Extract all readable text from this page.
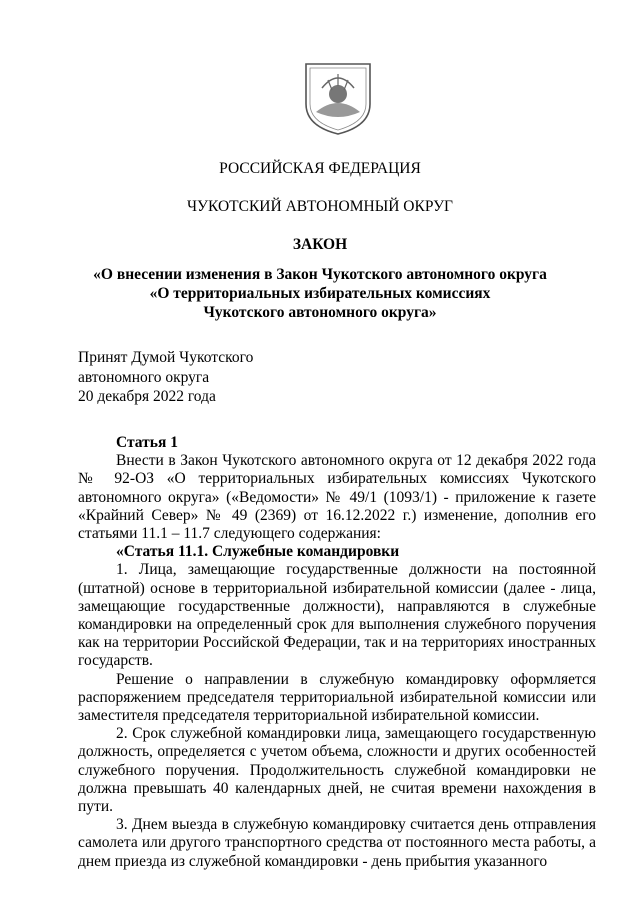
РОССИЙСКАЯ ФЕДЕРАЦИЯ
ЧУКОТСКИЙ АВТОНОМНЫЙ ОКРУГ
ЗАКОН
«О внесении изменения в Закон Чукотского автономного округа
«О территориальных избирательных комиссиях
Чукотского автономного округа»
Принят Думой Чукотского
автономного округа
20 декабря 2022 года

Статья 1

Внести в Закон Чукотского автономного округа от 12 декабря 2022 года № 92-ОЗ «О территориальных избирательных комиссиях Чукотского автономного округа» («Ведомости» № 49/1 (1093/1) - приложение к газете «Крайний Север» № 49 (2369) от 16.12.2022 г.) изменение, дополнив его статьями 11.1 – 11.7 следующего содержания:

«Статья 11.1. Служебные командировки

1. Лица, замещающие государственные должности на постоянной (штатной) основе в территориальной избирательной комиссии (далее - лица, замещающие государственные должности), направляются в служебные командировки на определенный срок для выполнения служебного поручения как на территории Российской Федерации, так и на территориях иностранных государств.

Решение о направлении в служебную командировку оформляется распоряжением председателя территориальной избирательной комиссии или заместителя председателя территориальной избирательной комиссии.

2. Срок служебной командировки лица, замещающего государственную должность, определяется с учетом объема, сложности и других особенностей служебного поручения. Продолжительность служебной командировки не должна превышать 40 календарных дней, не считая времени нахождения в пути.

3. Днем выезда в служебную командировку считается день отправления самолета или другого транспортного средства от постоянного места работы, а днем приезда из служебной командировки - день прибытия указанного
